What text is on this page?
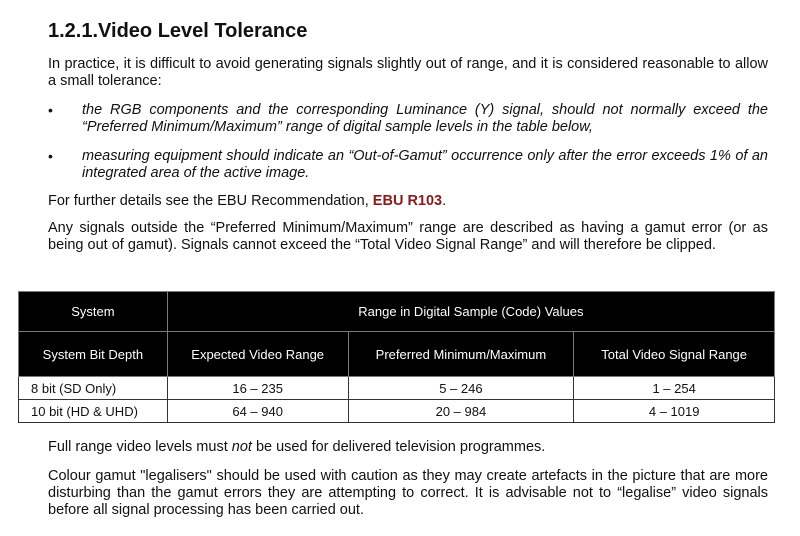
1.2.1.Video Level Tolerance

In practice, it is difficult to avoid generating signals slightly out of range, and it is considered reasonable to allow a small tolerance:

• the RGB components and the corresponding Luminance (Y) signal, should not normally exceed the “Preferred Minimum/Maximum” range of digital sample levels in the table below,
• measuring equipment should indicate an “Out-of-Gamut” occurrence only after the error exceeds 1% of an integrated area of the active image.

For further details see the EBU Recommendation, EBU R103.

Any signals outside the “Preferred Minimum/Maximum” range are described as having a gamut error (or as being out of gamut). Signals cannot exceed the “Total Video Signal Range” and will therefore be clipped.

System	Range in Digital Sample (Code) Values		
System Bit Depth	Expected Video Range	Preferred Minimum/Maximum	Total Video Signal Range
8 bit (SD Only)	16 – 235	5 – 246	1 – 254
10 bit (HD & UHD)	64 – 940	20 – 984	4 – 1019

Full range video levels must not be used for delivered television programmes.

Colour gamut "legalisers" should be used with caution as they may create artefacts in the picture that are more disturbing than the gamut errors they are attempting to correct. It is advisable not to “legalise” video signals before all signal processing has been carried out.
